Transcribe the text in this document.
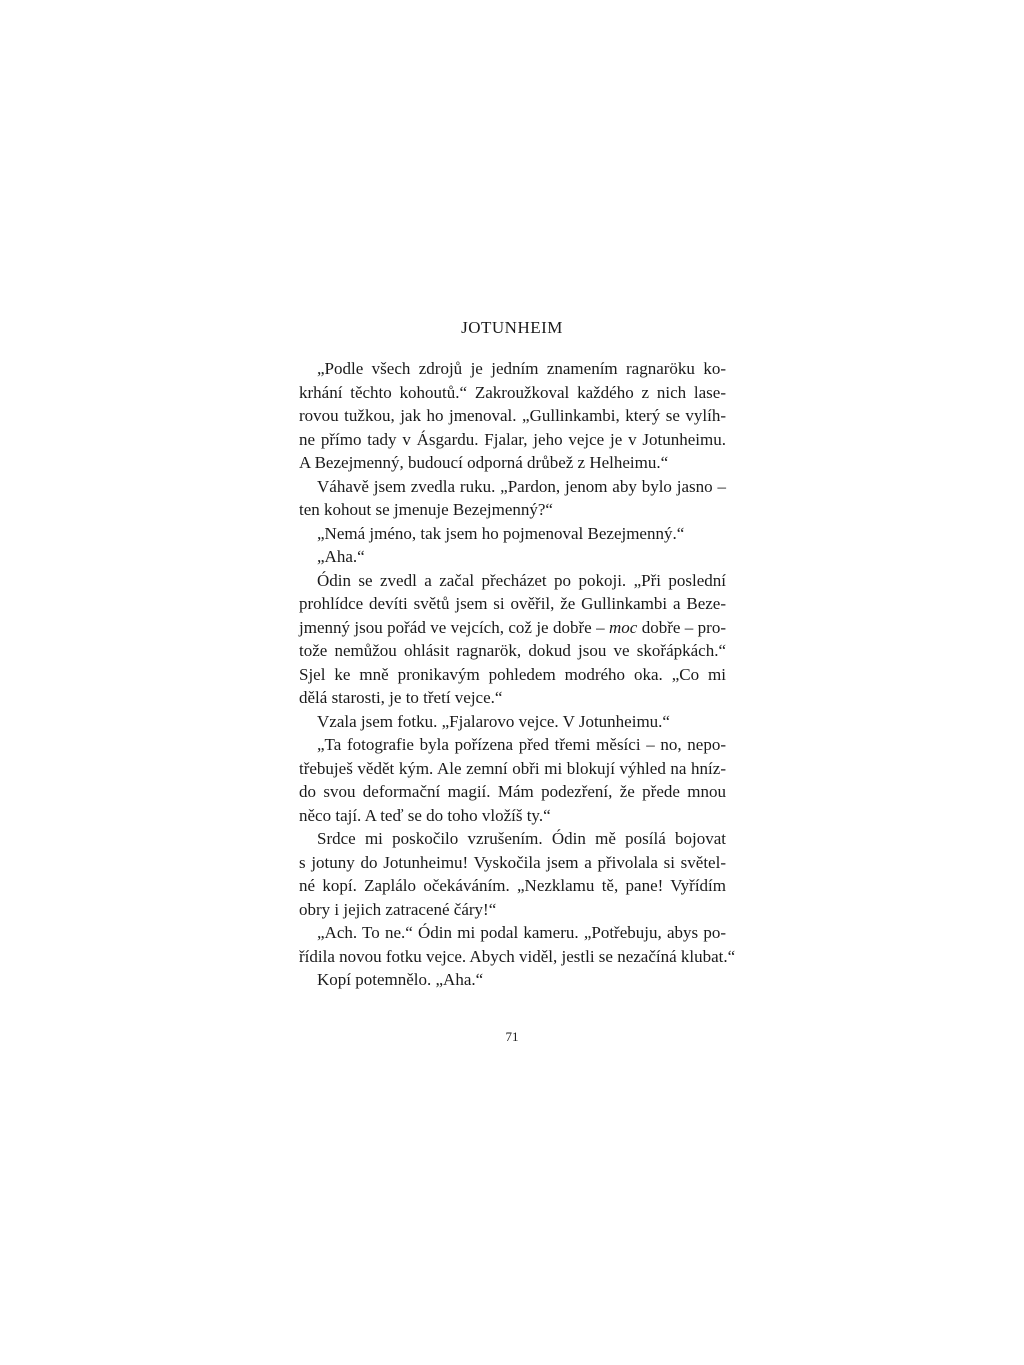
JOTUNHEIM
„Podle všech zdrojů je jedním znamením ragnaröku ko-
krhání těchto kohoutů.“ Zakroužkoval každého z nich lase-
rovou tužkou, jak ho jmenoval. „Gullinkambi, který se vylíh-
ne přímo tady v Ásgardu. Fjalar, jeho vejce je v Jotunheimu.
A Bezejmenný, budoucí odporná drůbež z Helheimu.“
Váhavě jsem zvedla ruku. „Pardon, jenom aby bylo jasno –
ten kohout se jmenuje Bezejmenný?“
„Nemá jméno, tak jsem ho pojmenoval Bezejmenný.“
„Aha.“
Ódin se zvedl a začal přecházet po pokoji. „Při poslední
prohlídce devíti světů jsem si ověřil, že Gullinkambi a Beze-
jmenný jsou pořád ve vejcích, což je dobře – moc dobře – pro-
tože nemůžou ohlásit ragnarök, dokud jsou ve skořápkách.“
Sjel ke mně pronikavým pohledem modrého oka. „Co mi
dělá starosti, je to třetí vejce.“
Vzala jsem fotku. „Fjalarovo vejce. V Jotunheimu.“
„Ta fotografie byla pořízena před třemi měsíci – no, nepo-
třebuješ vědět kým. Ale zemní obři mi blokují výhled na hníz-
do svou deformační magií. Mám podezření, že přede mnou
něco tají. A teď se do toho vložíš ty.“
Srdce mi poskočilo vzrušením. Ódin mě posílá bojovat
s jotuny do Jotunheimu! Vyskočila jsem a přivolala si světel-
né kopí. Zaplálo očekáváním. „Nezklamu tě, pane! Vyřídím
obry i jejich zatracené čáry!“
„Ach. To ne.“ Ódin mi podal kameru. „Potřebuju, abys po-
řídila novou fotku vejce. Abych viděl, jestli se nezačíná klubat.“
Kopí potemnělo. „Aha.“
71
